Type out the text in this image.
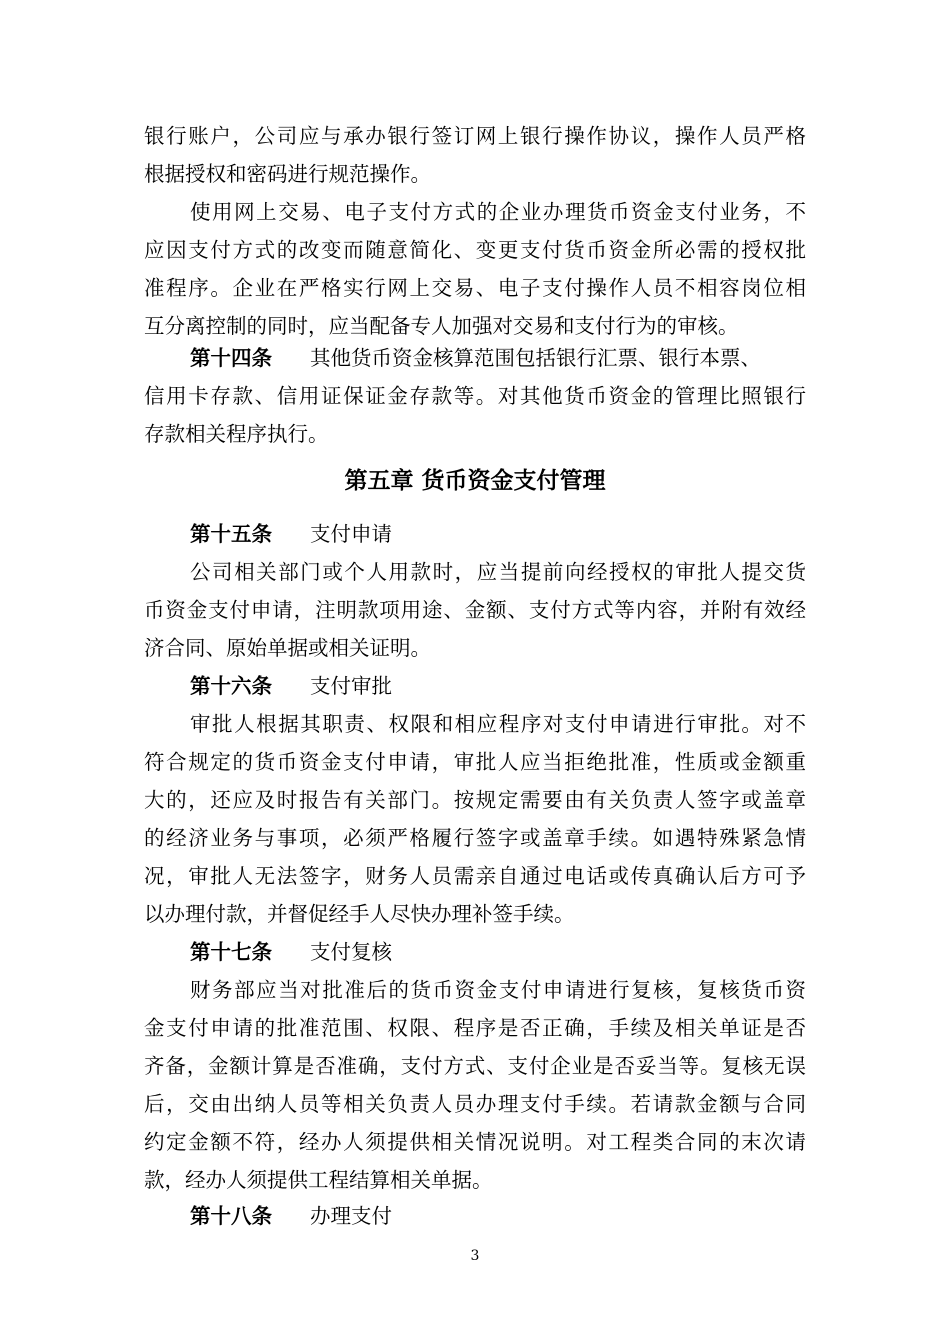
银行账户，公司应与承办银行签订网上银行操作协议，操作人员严格
根据授权和密码进行规范操作。
使用网上交易、电子支付方式的企业办理货币资金支付业务，不
应因支付方式的改变而随意简化、变更支付货币资金所必需的授权批
准程序。企业在严格实行网上交易、电子支付操作人员不相容岗位相
互分离控制的同时，应当配备专人加强对交易和支付行为的审核。
第十四条 其他货币资金核算范围包括银行汇票、银行本票、
信用卡存款、信用证保证金存款等。对其他货币资金的管理比照银行
存款相关程序执行。
第五章 货币资金支付管理
第十五条 支付申请
公司相关部门或个人用款时，应当提前向经授权的审批人提交货
币资金支付申请，注明款项用途、金额、支付方式等内容，并附有效经
济合同、原始单据或相关证明。
第十六条 支付审批
审批人根据其职责、权限和相应程序对支付申请进行审批。对不
符合规定的货币资金支付申请，审批人应当拒绝批准，性质或金额重
大的，还应及时报告有关部门。按规定需要由有关负责人签字或盖章
的经济业务与事项，必须严格履行签字或盖章手续。如遇特殊紧急情
况，审批人无法签字，财务人员需亲自通过电话或传真确认后方可予
以办理付款，并督促经手人尽快办理补签手续。
第十七条 支付复核
财务部应当对批准后的货币资金支付申请进行复核，复核货币资
金支付申请的批准范围、权限、程序是否正确，手续及相关单证是否
齐备，金额计算是否准确，支付方式、支付企业是否妥当等。复核无误
后，交由出纳人员等相关负责人员办理支付手续。若请款金额与合同
约定金额不符，经办人须提供相关情况说明。对工程类合同的末次请
款，经办人须提供工程结算相关单据。
第十八条 办理支付
3
